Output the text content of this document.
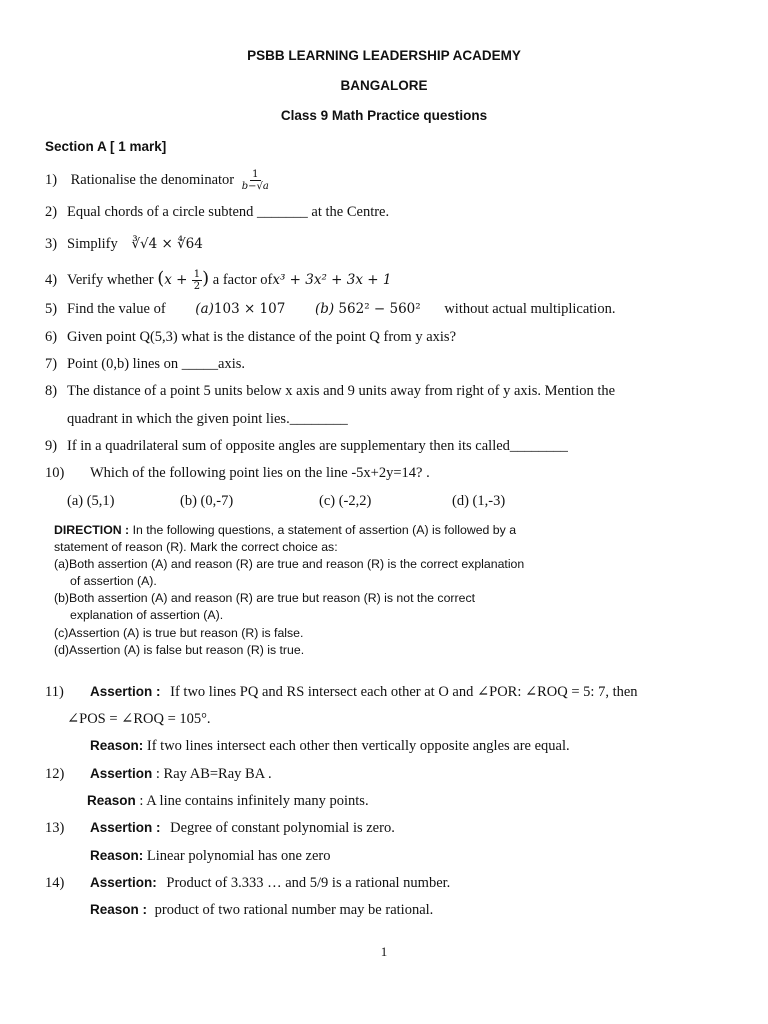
PSBB LEARNING LEADERSHIP ACADEMY
BANGALORE
Class 9 Math Practice questions
Section A [ 1 mark]
1) Rationalise the denominator $\frac{1}{b-√a}$
2) Equal chords of a circle subtend _______ at the Centre.
3) Simplify ∛√4 × ∜64
4) Verify whether ($x + \frac{1}{2}$ ) a factor ofx³ + 3x² + 3x + 1
5) Find the value of (a)103 × 107 (b) 562² − 560² without actual multiplication.
6) Given point Q(5,3) what is the distance of the point Q from y axis?
7) Point (0,b) lines on _____axis.
8) The distance of a point 5 units below x axis and 9 units away from right of y axis. Mention the
quadrant in which the given point lies.________
9) If in a quadrilateral sum of opposite angles are supplementary then its called________
10) Which of the following point lies on the line -5x+2y=14? .
(a) (5,1)	(b) (0,-7)	(c) (-2,2)	(d) (1,-3)
DIRECTION : In the following questions, a statement of assertion (A) is followed by a
statement of reason (R). Mark the correct choice as:
(a)Both assertion (A) and reason (R) are true and reason (R) is the correct explanation
of assertion (A).
(b)Both assertion (A) and reason (R) are true but reason (R) is not the correct
explanation of assertion (A).
(c)Assertion (A) is true but reason (R) is false.
(d)Assertion (A) is false but reason (R) is true.
11) Assertion : If two lines PQ and RS intersect each other at O and ∠POR: ∠ROQ = 5: 7, then
∠POS = ∠ROQ = 105°.
Reason: If two lines intersect each other then vertically opposite angles are equal.
12) Assertion : Ray AB=Ray BA .
Reason : A line contains infinitely many points.
13) Assertion : Degree of constant polynomial is zero.
Reason: Linear polynomial has one zero
14) Assertion: Product of 3.333 … and 5/9 is a rational number.
Reason : product of two rational number may be rational.
1
